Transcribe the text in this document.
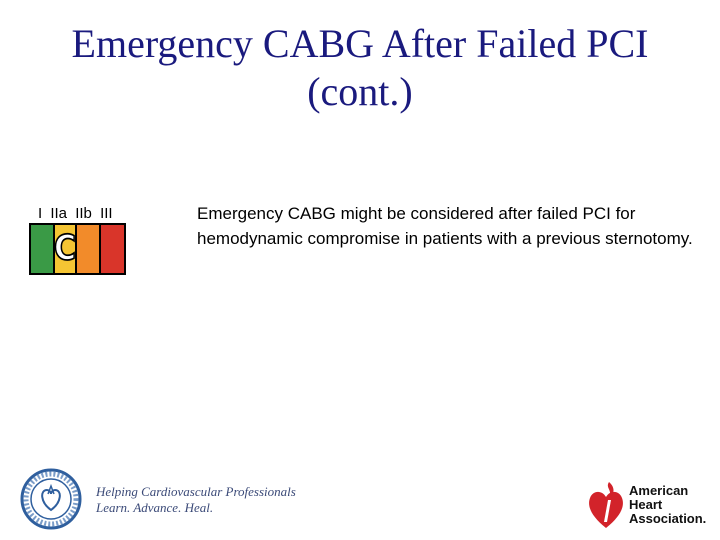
Emergency CABG After Failed PCI
(cont.)
I IIa IIb III
C
Emergency CABG might be considered after failed PCI for hemodynamic compromise in patients with a previous sternotomy.
Helping Cardiovascular Professionals
Learn. Advance. Heal.
American
Heart
Association.
